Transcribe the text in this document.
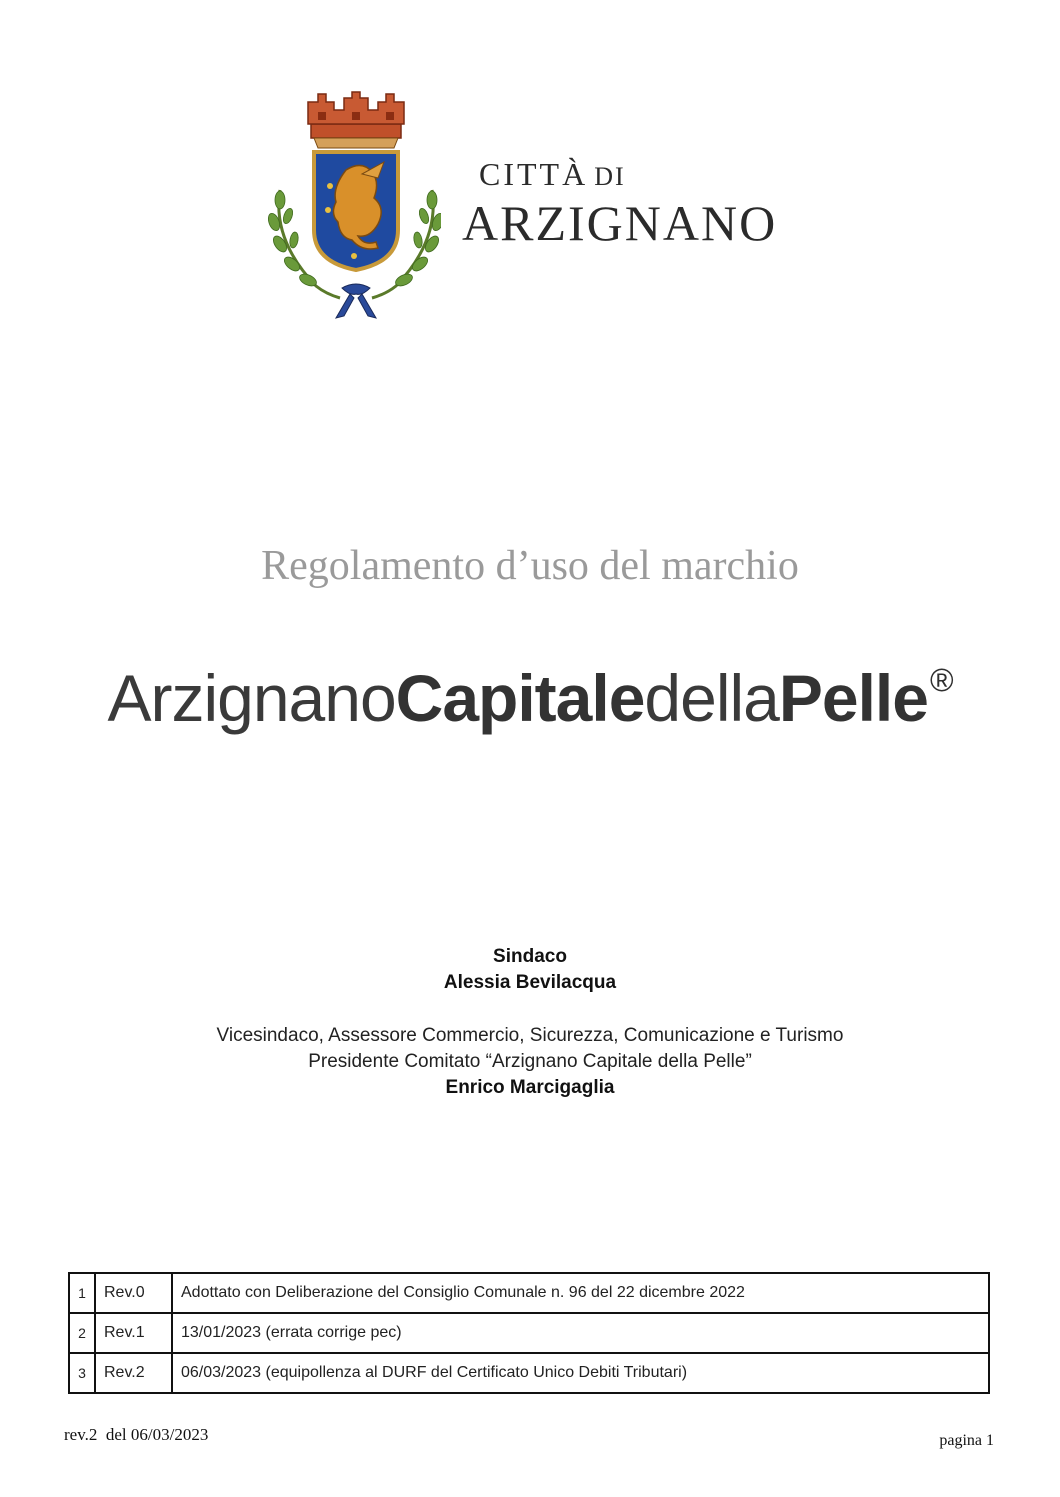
CITTÀ DI
ARZIGNANO
Regolamento d’uso del marchio
ArzignanoCapitaledellaPelle®
Sindaco
Alessia Bevilacqua
Vicesindaco, Assessore Commercio, Sicurezza, Comunicazione e Turismo
Presidente Comitato “Arzignano Capitale della Pelle”
Enrico Marcigaglia
1	Rev.0	Adottato con Deliberazione del Consiglio Comunale n. 96 del 22 dicembre 2022
2	Rev.1	13/01/2023 (errata corrige pec)
3	Rev.2	06/03/2023 (equipollenza al DURF del Certificato Unico Debiti Tributari)
rev.2  del 06/03/2023	pagina 1
